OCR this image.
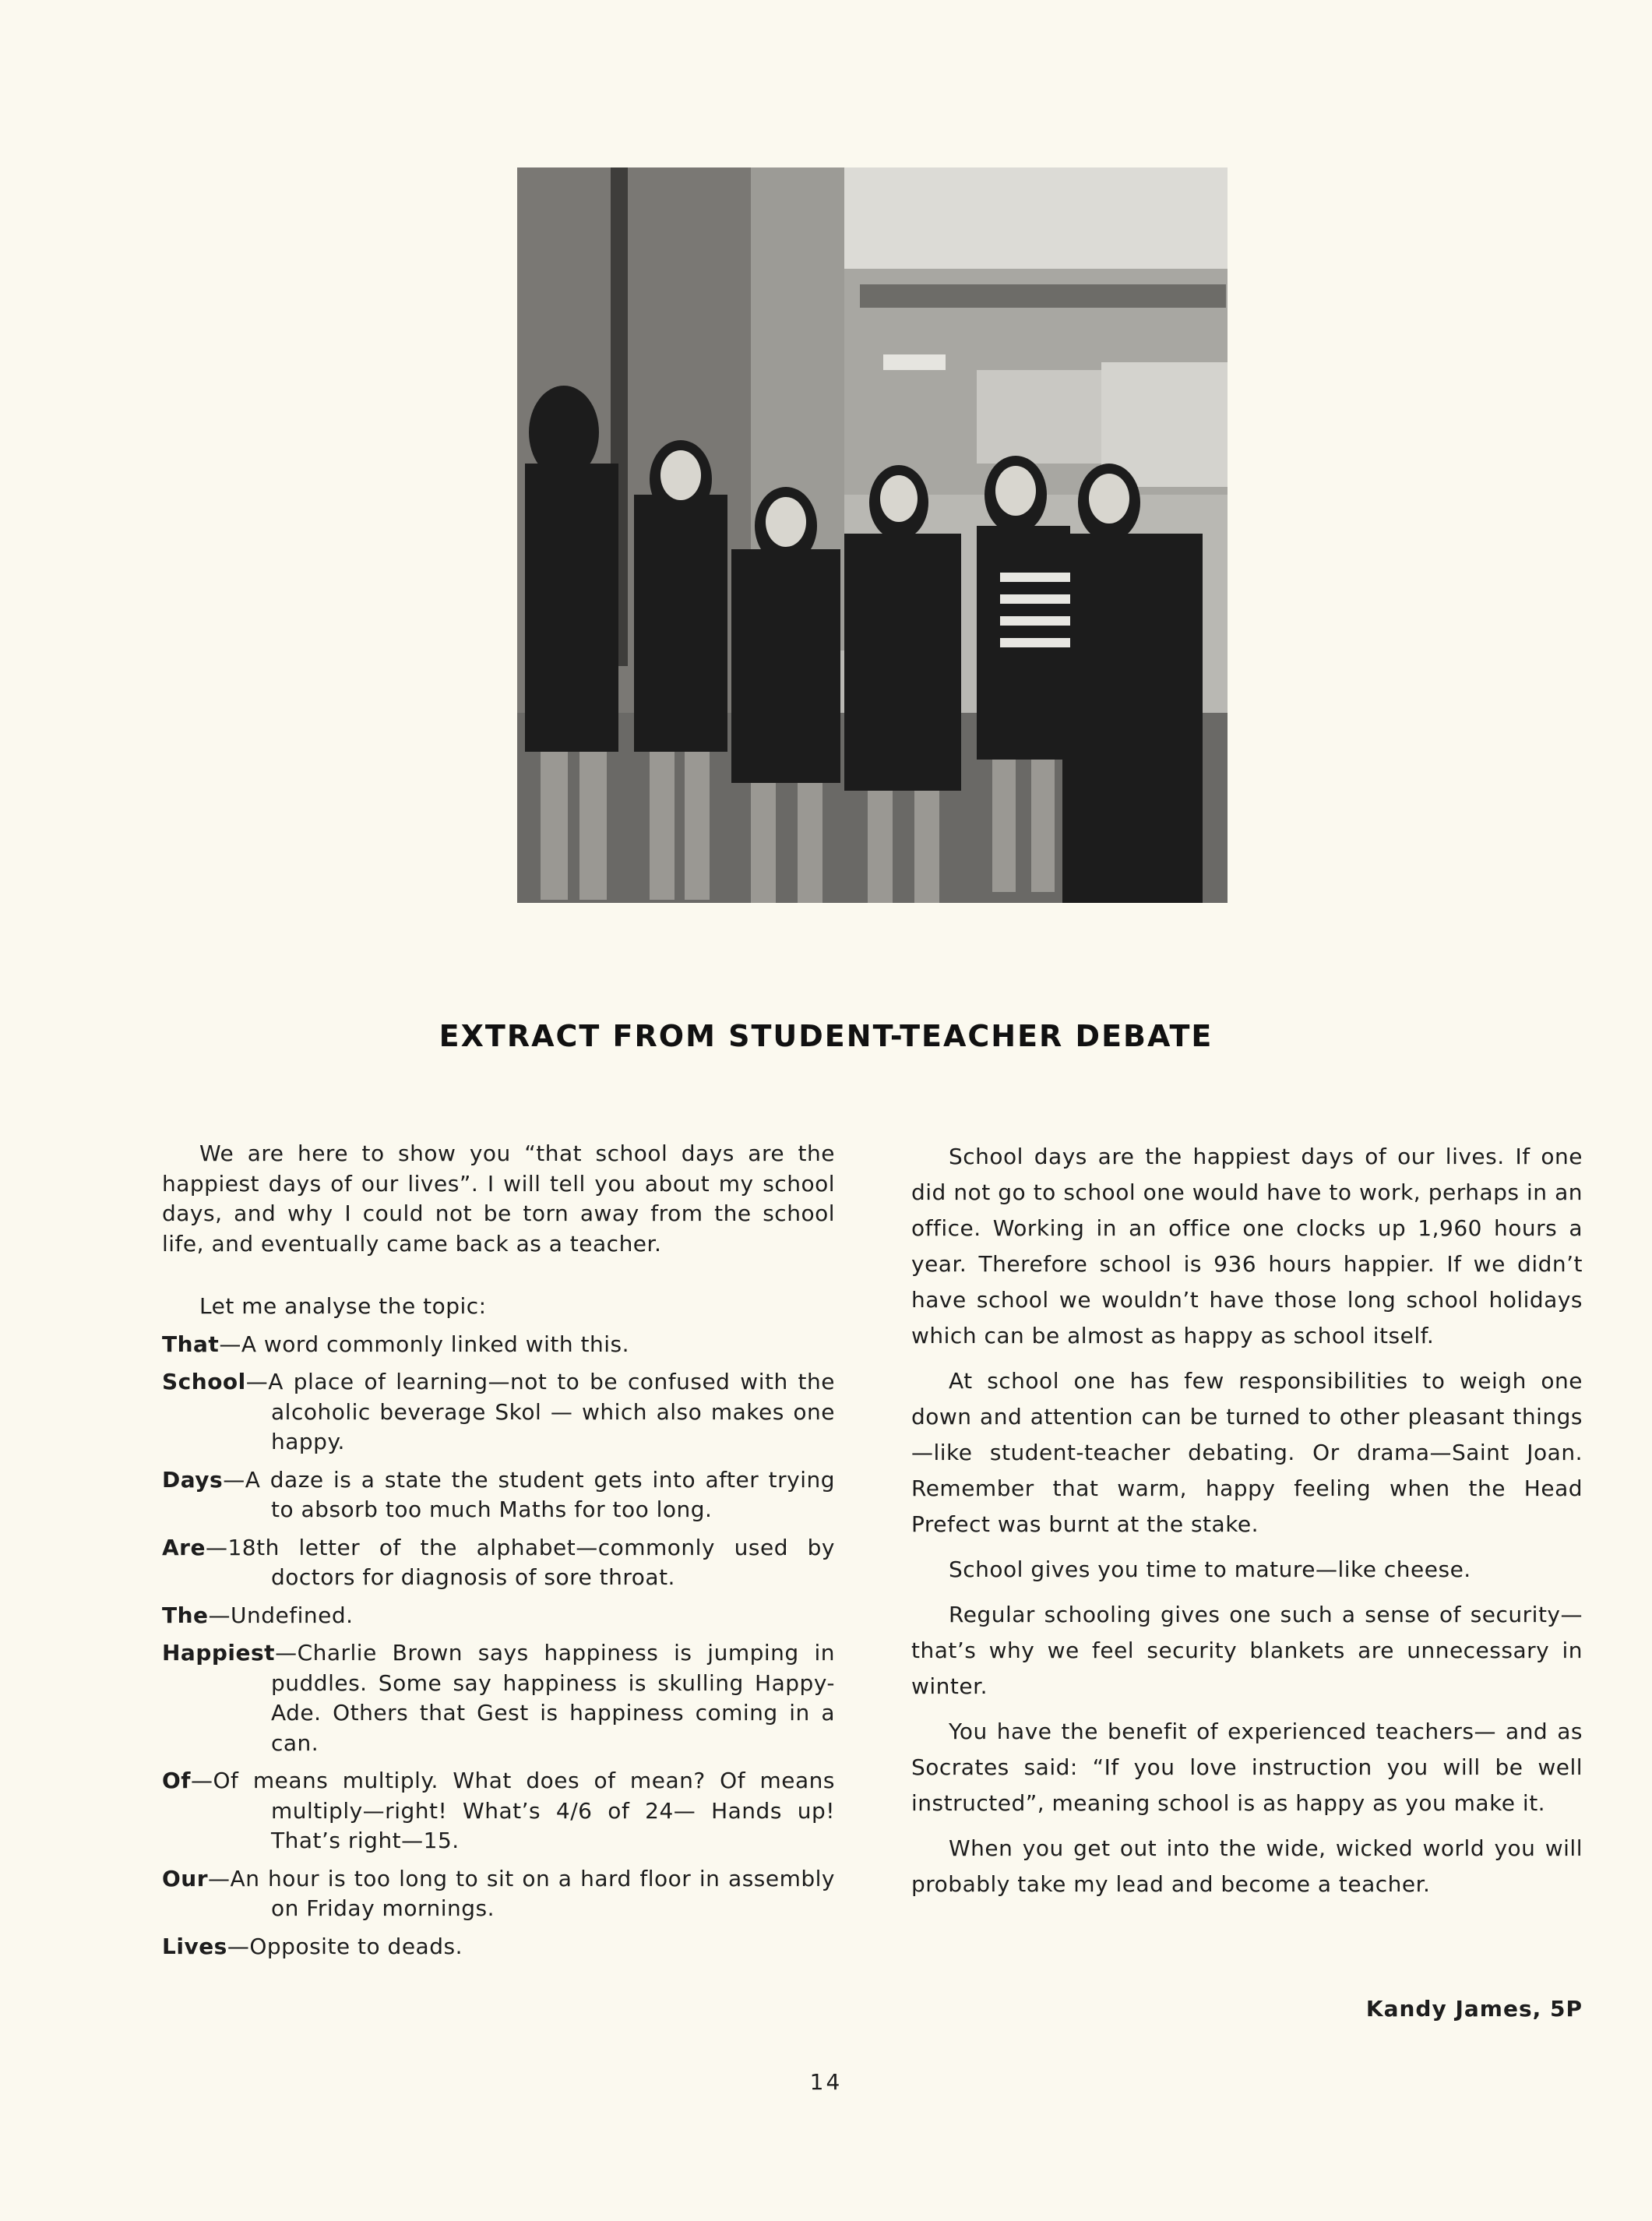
EXTRACT FROM STUDENT-TEACHER DEBATE

We are here to show you “that school days are the happiest days of our lives”. I will tell you about my school days, and why I could not be torn away from the school life, and eventually came back as a teacher.

Let me analyse the topic:

That—A word commonly linked with this.
School—A place of learning—not to be confused with the alcoholic beverage Skol — which also makes one happy.
Days—A daze is a state the student gets into after trying to absorb too much Maths for too long.
Are—18th letter of the alphabet—commonly used by doctors for diagnosis of sore throat.
The—Undefined.
Happiest—Charlie Brown says happiness is jumping in puddles. Some say happiness is skulling Happy-Ade. Others that Gest is happiness coming in a can.
Of—Of means multiply. What does of mean? Of means multiply—right! What’s 4/6 of 24— Hands up! That’s right—15.
Our—An hour is too long to sit on a hard floor in assembly on Friday mornings.
Lives—Opposite to deads.

School days are the happiest days of our lives. If one did not go to school one would have to work, perhaps in an office. Working in an office one clocks up 1,960 hours a year. Therefore school is 936 hours happier. If we didn’t have school we wouldn’t have those long school holidays which can be almost as happy as school itself.

At school one has few responsibilities to weigh one down and attention can be turned to other pleasant things—like student-teacher debating. Or drama—Saint Joan. Remember that warm, happy feeling when the Head Prefect was burnt at the stake.

School gives you time to mature—like cheese.

Regular schooling gives one such a sense of security—that’s why we feel security blankets are unnecessary in winter.

You have the benefit of experienced teachers— and as Socrates said: “If you love instruction you will be well instructed”, meaning school is as happy as you make it.

When you get out into the wide, wicked world you will probably take my lead and become a teacher.

Kandy James, 5P
14
